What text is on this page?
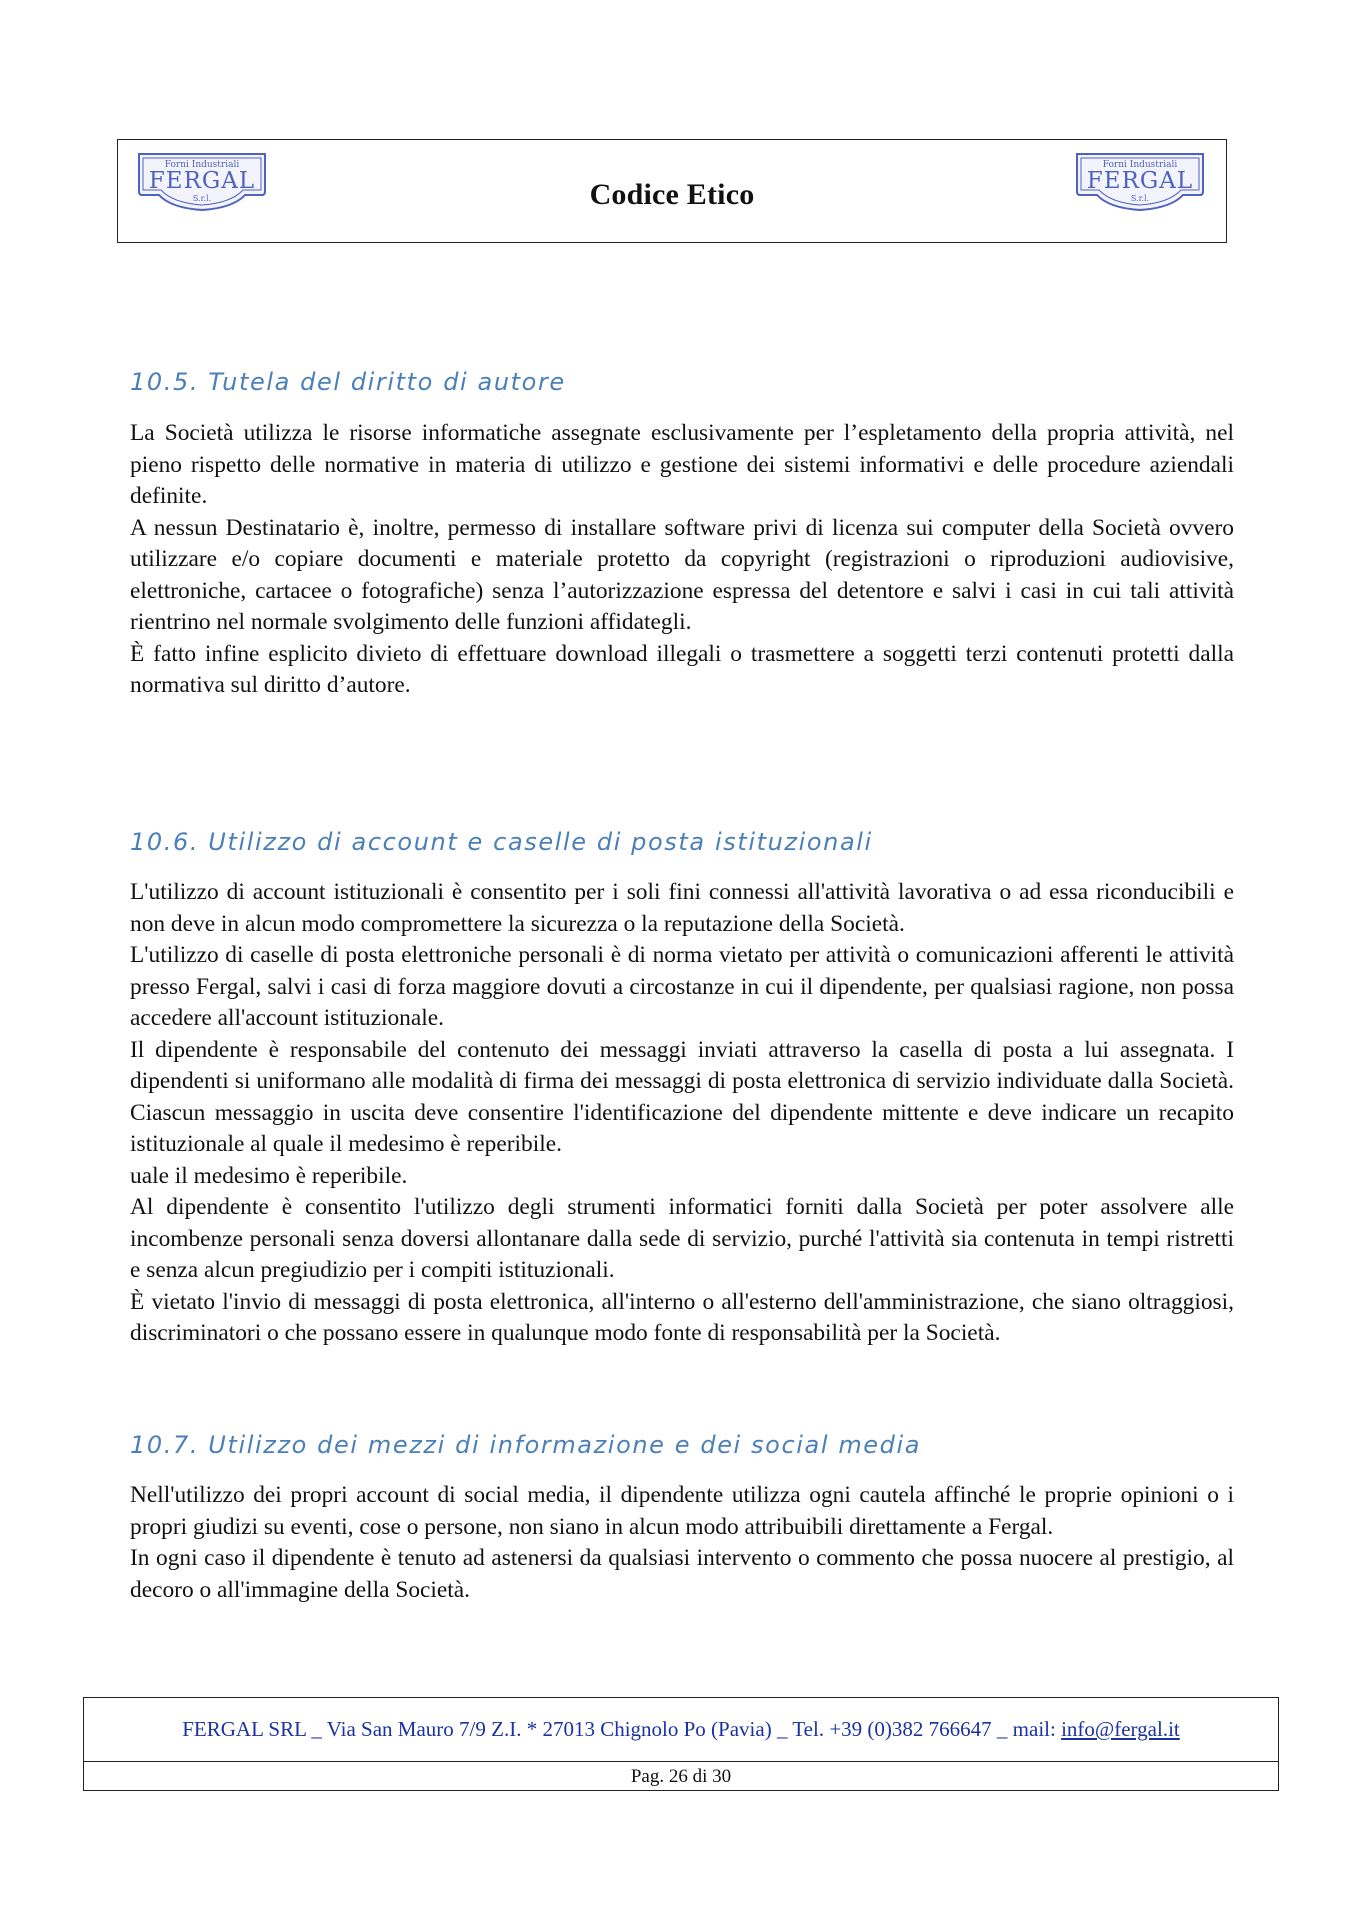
Forni Industriali
FERGAL
S.r.l.	Codice Etico
Forni Industriali
FERGAL
S.r.l.
10.5. Tutela del diritto di autore

La Società utilizza le risorse informatiche assegnate esclusivamente per l’espletamento della propria attività, nel pieno rispetto delle normative in materia di utilizzo e gestione dei sistemi informativi e delle procedure aziendali definite.

A nessun Destinatario è, inoltre, permesso di installare software privi di licenza sui computer della Società ovvero utilizzare e/o copiare documenti e materiale protetto da copyright (registrazioni o riproduzioni audiovisive, elettroniche, cartacee o fotografiche) senza l’autorizzazione espressa del detentore e salvi i casi in cui tali attività rientrino nel normale svolgimento delle funzioni affidategli.

È fatto infine esplicito divieto di effettuare download illegali o trasmettere a soggetti terzi contenuti protetti dalla normativa sul diritto d’autore.

10.6. Utilizzo di account e caselle di posta istituzionali

L'utilizzo di account istituzionali è consentito per i soli fini connessi all'attività lavorativa o ad essa riconducibili e non deve in alcun modo compromettere la sicurezza o la reputazione della Società.

L'utilizzo di caselle di posta elettroniche personali è di norma vietato per attività o comunicazioni afferenti le attività presso Fergal, salvi i casi di forza maggiore dovuti a circostanze in cui il dipendente, per qualsiasi ragione, non possa accedere all'account istituzionale.

Il dipendente è responsabile del contenuto dei messaggi inviati attraverso la casella di posta a lui assegnata. I dipendenti si uniformano alle modalità di firma dei messaggi di posta elettronica di servizio individuate dalla Società. Ciascun messaggio in uscita deve consentire l'identificazione del dipendente mittente e deve indicare un recapito istituzionale al quale il medesimo è reperibile.

uale il medesimo è reperibile.

Al dipendente è consentito l'utilizzo degli strumenti informatici forniti dalla Società per poter assolvere alle incombenze personali senza doversi allontanare dalla sede di servizio, purché l'attività sia contenuta in tempi ristretti e senza alcun pregiudizio per i compiti istituzionali.

È vietato l'invio di messaggi di posta elettronica, all'interno o all'esterno dell'amministrazione, che siano oltraggiosi, discriminatori o che possano essere in qualunque modo fonte di responsabilità per la Società.

10.7. Utilizzo dei mezzi di informazione e dei social media

Nell'utilizzo dei propri account di social media, il dipendente utilizza ogni cautela affinché le proprie opinioni o i propri giudizi su eventi, cose o persone, non siano in alcun modo attribuibili direttamente a Fergal.

In ogni caso il dipendente è tenuto ad astenersi da qualsiasi intervento o commento che possa nuocere al prestigio, al decoro o all'immagine della Società.

FERGAL SRL _ Via San Mauro 7/9 Z.I. * 27013 Chignolo Po (Pavia) _ Tel. +39 (0)382 766647 _ mail: info@fergal.it
Pag. 26 di 30
